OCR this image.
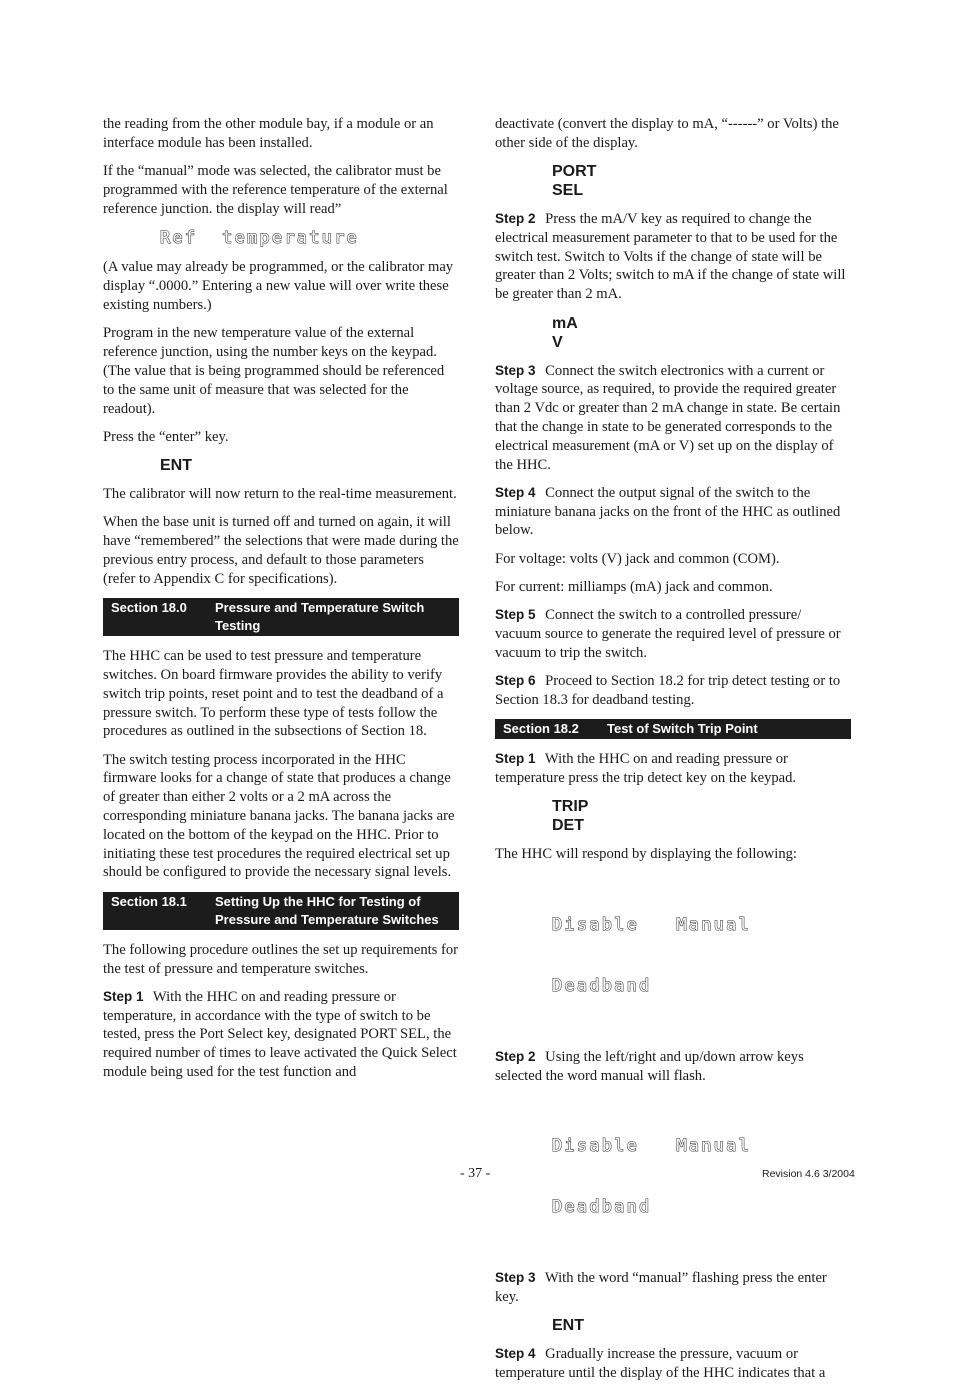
the reading from the other module bay, if a module or an interface module has been installed.

If the “manual” mode was selected, the calibrator must be programmed with the reference temperature of the external reference junction. the display will read”

Ref  temperature

(A value may already be programmed, or the calibrator may display “.0000.” Entering a new value will over write these existing numbers.)

Program in the new temperature value of the external reference junction, using the number keys on the keypad. (The value that is being programmed should be referenced to the same unit of measure that was selected for the readout).

Press the “enter” key.

ENT

The calibrator will now return to the real-time measurement.

When the base unit is turned off and turned on again, it will have “remembered” the selections that were made during the previous entry process, and default to those parameters (refer to Appendix C for specifications).

Section 18.0	Pressure and Temperature Switch Testing

The HHC can be used to test pressure and temperature switches. On board firmware provides the ability to verify switch trip points, reset point and to test the deadband of a pressure switch. To perform these type of tests follow the procedures as outlined in the subsections of Section 18.

The switch testing process incorporated in the HHC firmware looks for a change of state that produces a change of greater than either 2 volts or a 2 mA across the corresponding miniature banana jacks. The banana jacks are located on the bottom of the keypad on the HHC. Prior to initiating these test procedures the required electrical set up should be configured to provide the necessary signal levels.

Section 18.1	Setting Up the HHC for Testing of Pressure and Temperature Switches

The following procedure outlines the set up requirements for the test of pressure and temperature switches.

Step 1 With the HHC on and reading pressure or temperature, in accordance with the type of switch to be tested, press the Port Select key, designated PORT SEL, the required number of times to leave activated the Quick Select module being used for the test function and

deactivate (convert the display to mA, “------” or Volts) the other side of the display.

PORT
SEL

Step 2 Press the mA/V key as required to change the electrical measurement parameter to that to be used for the switch test. Switch to Volts if the change of state will be greater than 2 Volts; switch to mA if the change of state will be greater than 2 mA.

mA
V

Step 3 Connect the switch electronics with a current or voltage source, as required, to provide the required greater than 2 Vdc or greater than 2 mA change in state. Be certain that the change in state to be generated corresponds to the electrical measurement (mA or V) set up on the display of the HHC.

Step 4 Connect the output signal of the switch to the miniature banana jacks on the front of the HHC as outlined below.

For voltage: volts (V) jack and common (COM).

For current: milliamps (mA) jack and common.

Step 5 Connect the switch to a controlled pressure/ vacuum source to generate the required level of pressure or vacuum to trip the switch.

Step 6 Proceed to Section 18.2 for trip detect testing or to Section 18.3 for deadband testing.

Section 18.2	Test of Switch Trip Point

Step 1 With the HHC on and reading pressure or temperature press the trip detect key on the keypad.

TRIP
DET

The HHC will respond by displaying the following:

Disable   Manual

Deadband

Step 2 Using the left/right and up/down arrow keys selected the word manual will flash.

Disable   Manual

Deadband

Step 3 With the word “manual” flashing press the enter key.

ENT

Step 4 Gradually increase the pressure, vacuum or temperature until the display of the HHC indicates that a

- 37 -	Revision 4.6 3/2004
